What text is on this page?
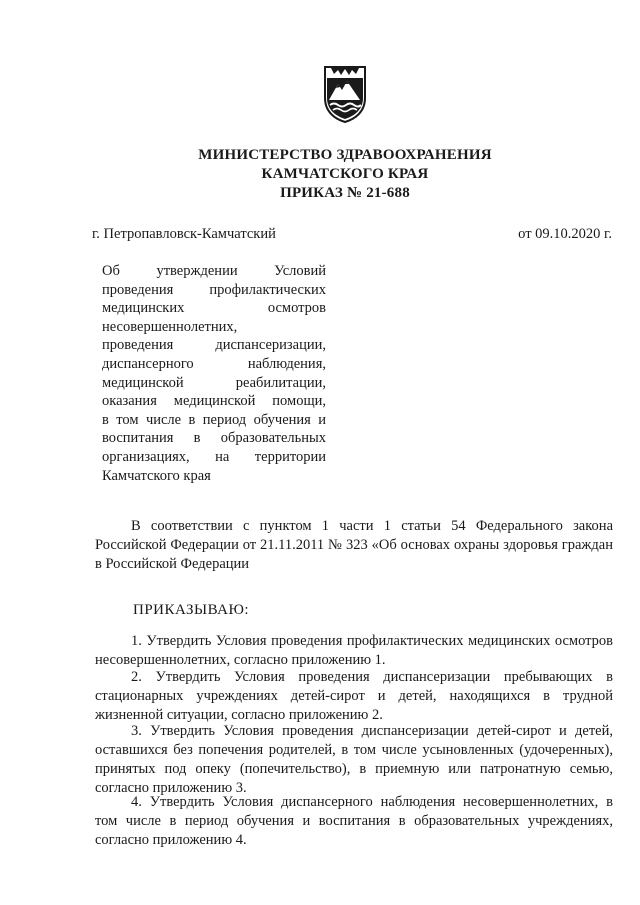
МИНИСТЕРСТВО ЗДРАВООХРАНЕНИЯ
КАМЧАТСКОГО КРАЯ
ПРИКАЗ № 21-688
г. Петропавловск-Камчатский	от 09.10.2020 г.
Об утверждении Условий
проведения профилактических
медицинских осмотров
несовершеннолетних,
проведения диспансеризации,
диспансерного наблюдения,
медицинской реабилитации,
оказания медицинской помощи,
в том числе в период обучения и
воспитания в образовательных
организациях, на территории
Камчатского края
В соответствии с пунктом 1 части 1 статьи 54 Федерального закона Российской Федерации от 21.11.2011 № 323 «Об основах охраны здоровья граждан в Российской Федерации
ПРИКАЗЫВАЮ:
1. Утвердить Условия проведения профилактических медицинских осмотров несовершеннолетних, согласно приложению 1.
2. Утвердить Условия проведения диспансеризации пребывающих в стационарных учреждениях детей-сирот и детей, находящихся в трудной жизненной ситуации, согласно приложению 2.
3. Утвердить Условия проведения диспансеризации детей-сирот и детей, оставшихся без попечения родителей, в том числе усыновленных (удочеренных), принятых под опеку (попечительство), в приемную или патронатную семью, согласно приложению 3.
4. Утвердить Условия диспансерного наблюдения несовершеннолетних, в том числе в период обучения и воспитания в образовательных учреждениях, согласно приложению 4.
